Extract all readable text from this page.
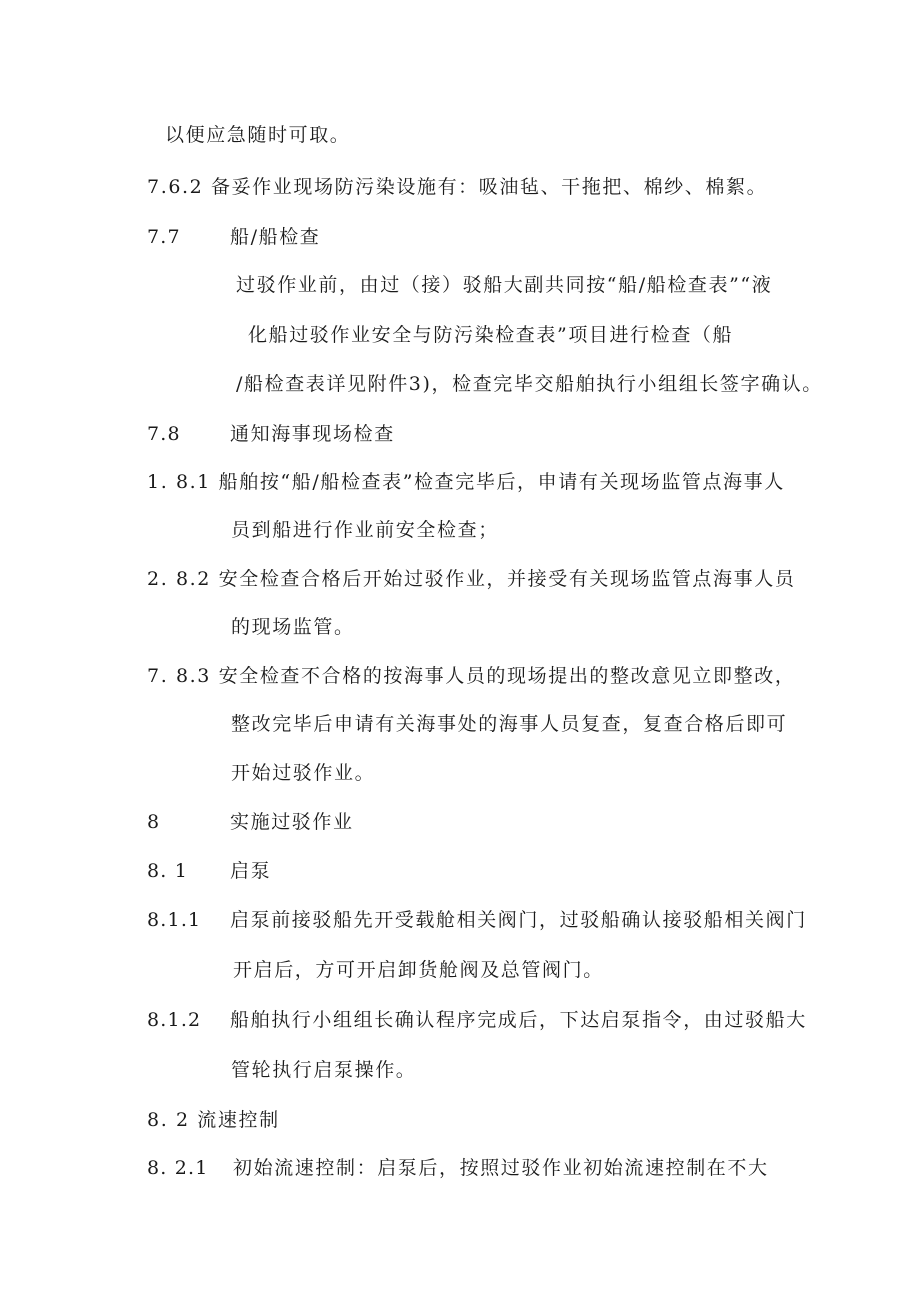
以便应急随时可取。
7.6.2 备妥作业现场防污染设施有：吸油毡、干拖把、棉纱、棉絮。
7.7	船/船检查
过驳作业前，由过（接）驳船大副共同按“船/船检查表”“液
化船过驳作业安全与防污染检查表”项目进行检查（船
/船检查表详见附件3)，检查完毕交船舶执行小组组长签字确认。
7.8	通知海事现场检查
1. 8.1 船舶按“船/船检查表”检查完毕后，申请有关现场监管点海事人
员到船进行作业前安全检查；
2. 8.2 安全检查合格后开始过驳作业，并接受有关现场监管点海事人员
的现场监管。
7. 8.3 安全检查不合格的按海事人员的现场提出的整改意见立即整改，
整改完毕后申请有关海事处的海事人员复查，复查合格后即可
开始过驳作业。
8	实施过驳作业
8. 1 启泵
8.1.1 启泵前接驳船先开受载舱相关阀门，过驳船确认接驳船相关阀门
开启后，方可开启卸货舱阀及总管阀门。
8.1.2 船舶执行小组组长确认程序完成后，下达启泵指令，由过驳船大
管轮执行启泵操作。
8. 2 流速控制
8. 2.1 初始流速控制：启泵后，按照过驳作业初始流速控制在不大
